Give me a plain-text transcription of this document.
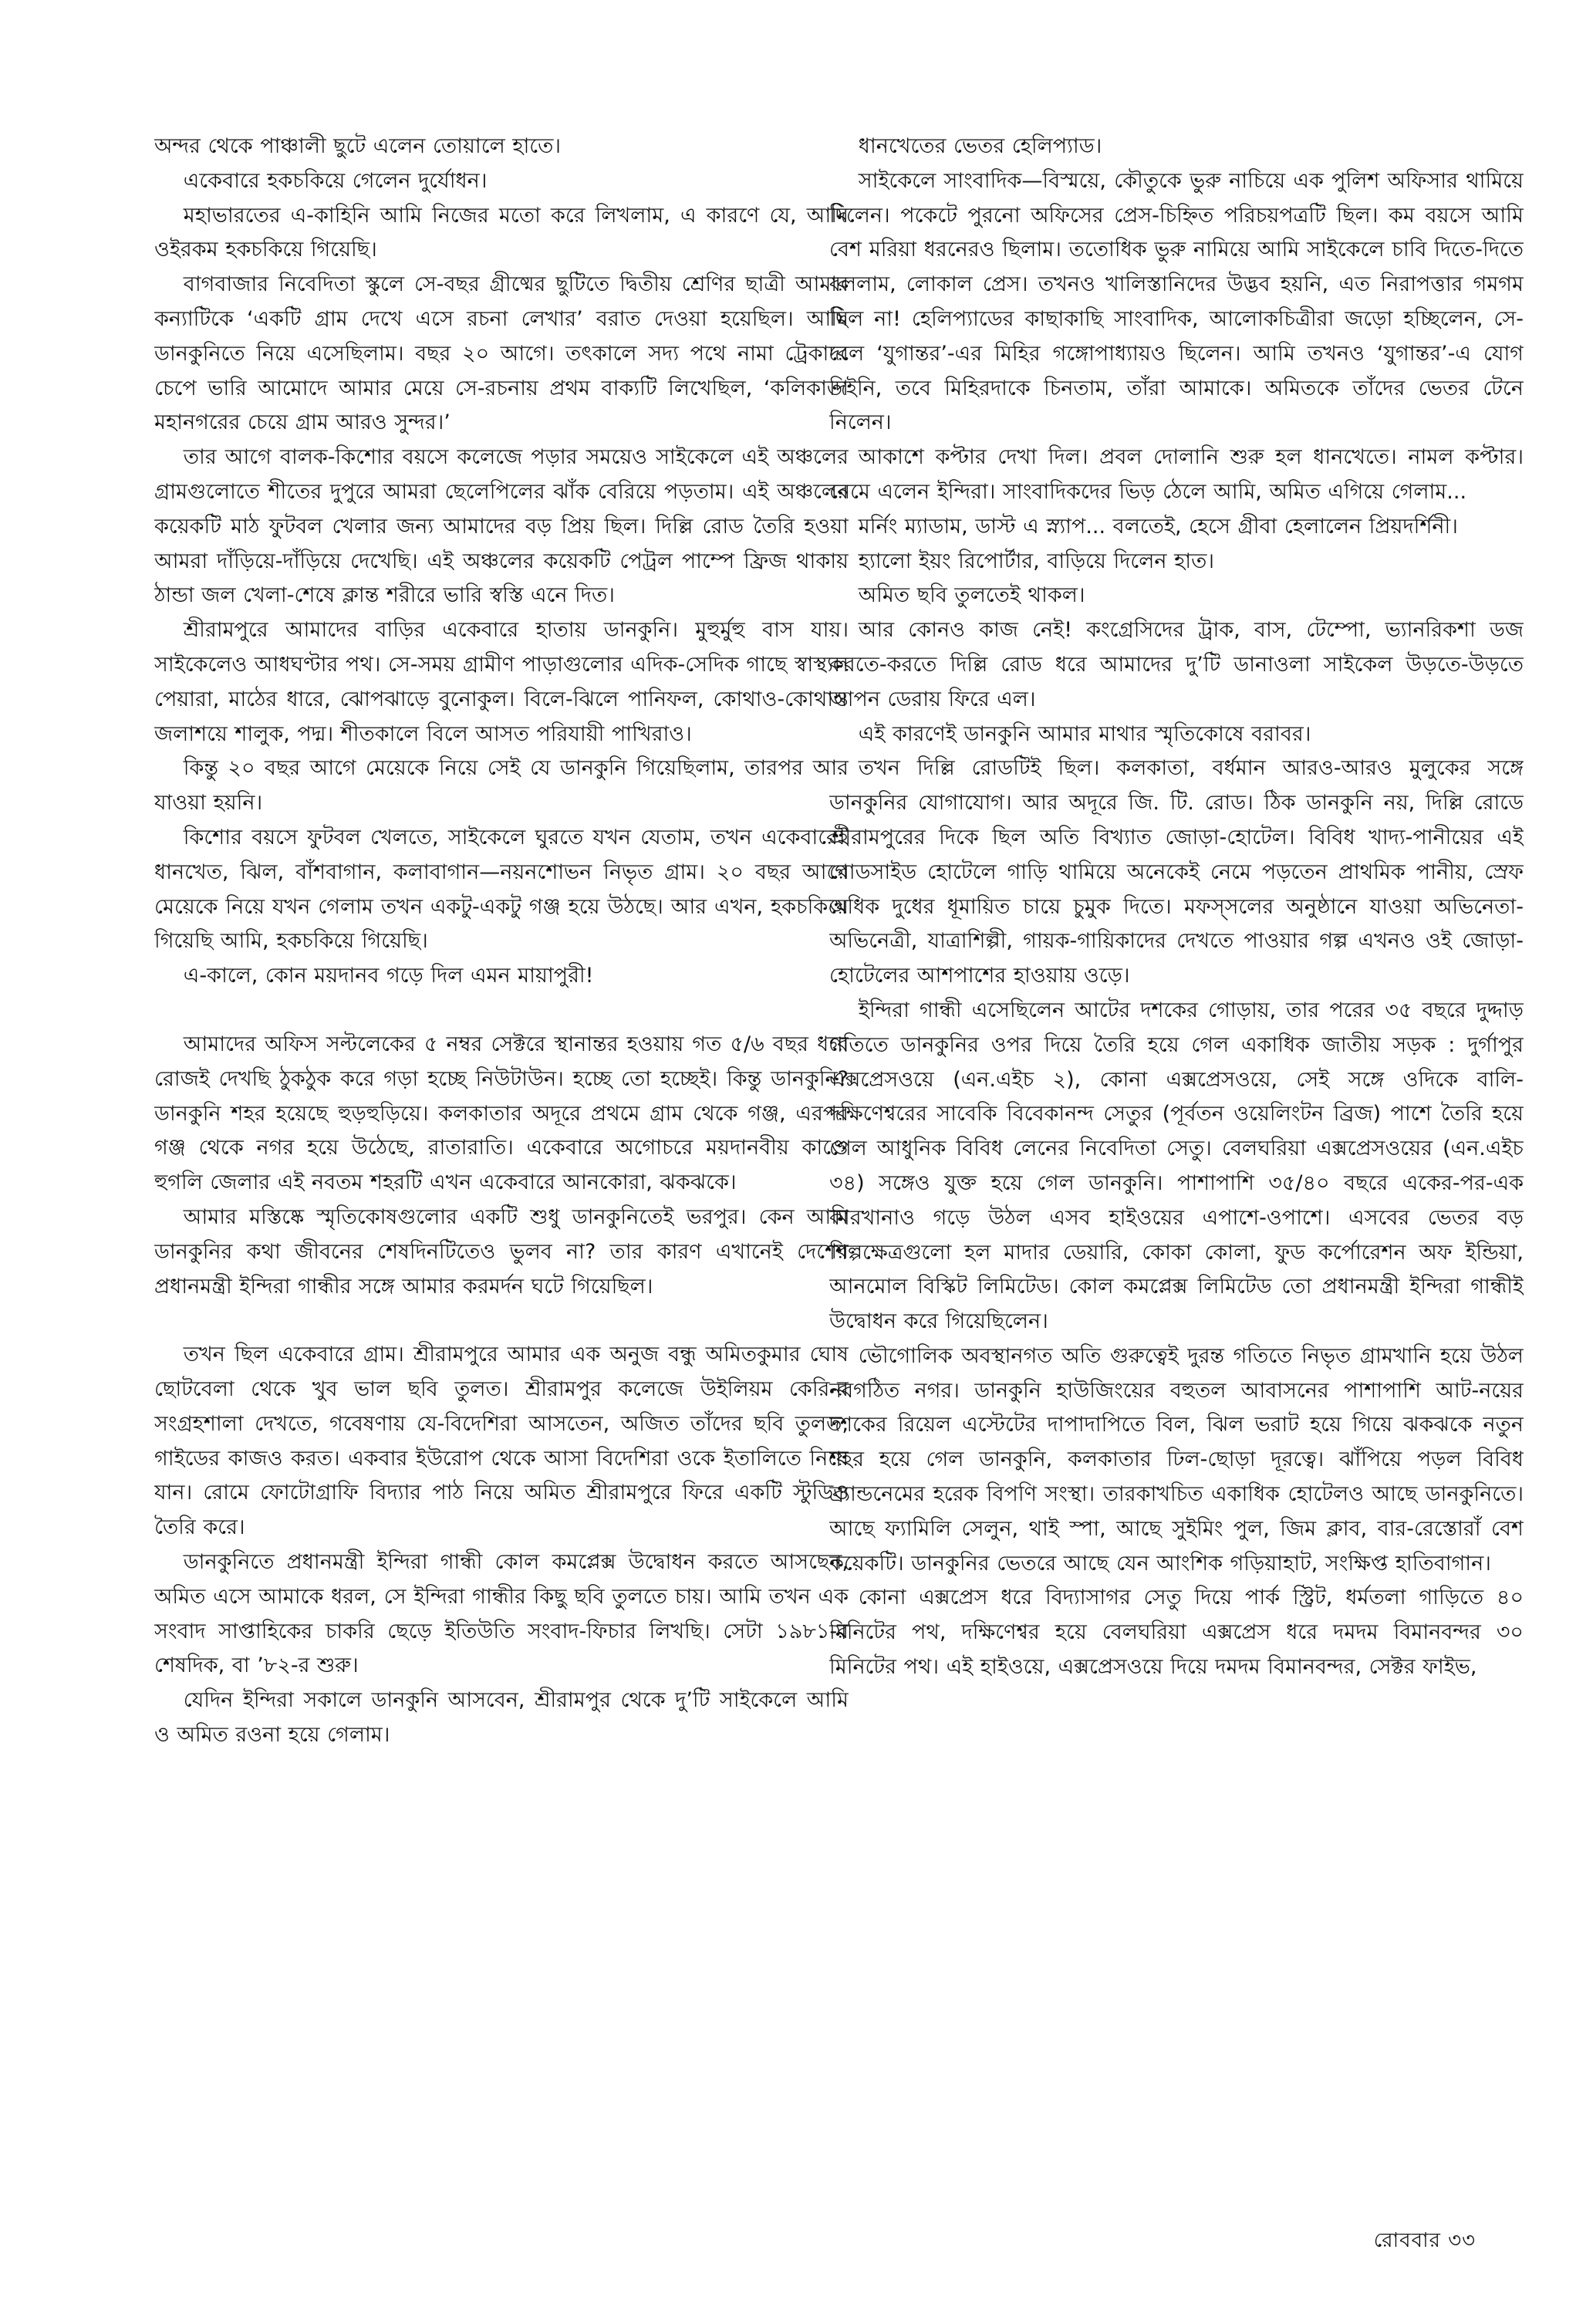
অন্দর থেকে পাঞ্চালী ছুটে এলেন তোয়ালে হাতে।

একেবারে হকচকিয়ে গেলেন দুর্যোধন।

মহাভারতের এ-কাহিনি আমি নিজের মতো করে লিখলাম, এ কারণে যে, আমি ওইরকম হকচকিয়ে গিয়েছি।

বাগবাজার নিবেদিতা স্কুলে সে-বছর গ্রীষ্মের ছুটিতে দ্বিতীয় শ্রেণির ছাত্রী আমার কন্যাটিকে ‘একটি গ্রাম দেখে এসে রচনা লেখার’ বরাত দেওয়া হয়েছিল। আমি ডানকুনিতে নিয়ে এসেছিলাম। বছর ২০ আগে। তৎকালে সদ্য পথে নামা ট্রেকারে চেপে ভারি আমোদে আমার মেয়ে সে-রচনায় প্রথম বাক্যটি লিখেছিল, ‘কলিকাতা মহানগরের চেয়ে গ্রাম আরও সুন্দর।’

তার আগে বালক-কিশোর বয়সে কলেজে পড়ার সময়েও সাইকেলে এই অঞ্চলের গ্রামগুলোতে শীতের দুপুরে আমরা ছেলেপিলের ঝাঁক বেরিয়ে পড়তাম। এই অঞ্চলের কয়েকটি মাঠ ফুটবল খেলার জন্য আমাদের বড় প্রিয় ছিল। দিল্লি রোড তৈরি হওয়া আমরা দাঁড়িয়ে-দাঁড়িয়ে দেখেছি। এই অঞ্চলের কয়েকটি পেট্রল পাম্পে ফ্রিজ থাকায় ঠান্ডা জল খেলা-শেষে ক্লান্ত শরীরে ভারি স্বস্তি এনে দিত।

শ্রীরামপুরে আমাদের বাড়ির একেবারে হাতায় ডানকুনি। মুহুর্মুহু বাস যায়। সাইকেলেও আধঘণ্টার পথ। সে-সময় গ্রামীণ পাড়াগুলোর এদিক-সেদিক গাছে স্বাস্থ্যল পেয়ারা, মাঠের ধারে, ঝোপঝাড়ে বুনোকুল। বিলে-ঝিলে পানিফল, কোথাও-কোথাও জলাশয়ে শালুক, পদ্ম। শীতকালে বিলে আসত পরিযায়ী পাখিরাও।

কিন্তু ২০ বছর আগে মেয়েকে নিয়ে সেই যে ডানকুনি গিয়েছিলাম, তারপর আর যাওয়া হয়নি।

কিশোর বয়সে ফুটবল খেলতে, সাইকেলে ঘুরতে যখন যেতাম, তখন একেবারেই ধানখেত, ঝিল, বাঁশবাগান, কলাবাগান—নয়নশোভন নিভৃত গ্রাম। ২০ বছর আগে মেয়েকে নিয়ে যখন গেলাম তখন একটু-একটু গঞ্জ হয়ে উঠছে। আর এখন, হকচকিয়ে গিয়েছি আমি, হকচকিয়ে গিয়েছি।

এ-কালে, কোন ময়দানব গড়ে দিল এমন মায়াপুরী!

আমাদের অফিস সল্টলেকের ৫ নম্বর সেক্টরে স্থানান্তর হওয়ায় গত ৫/৬ বছর ধরে রোজই দেখছি ঠুকঠুক করে গড়া হচ্ছে নিউটাউন। হচ্ছে তো হচ্ছেই। কিন্তু ডানকুনি? ডানকুনি শহর হয়েছে হুড়হুড়িয়ে। কলকাতার অদূরে প্রথমে গ্রাম থেকে গঞ্জ, এরপর গঞ্জ থেকে নগর হয়ে উঠেছে, রাতারাতি। একেবারে অগোচরে ময়দানবীয় কাণ্ডে হুগলি জেলার এই নবতম শহরটি এখন একেবারে আনকোরা, ঝকঝকে।

আমার মস্তিষ্কে স্মৃতিকোষগুলোর একটি শুধু ডানকুনিতেই ভরপুর। কেন আমি ডানকুনির কথা জীবনের শেষদিনটিতেও ভুলব না? তার কারণ এখানেই দেশের প্রধানমন্ত্রী ইন্দিরা গান্ধীর সঙ্গে আমার করমর্দন ঘটে গিয়েছিল।

তখন ছিল একেবারে গ্রাম। শ্রীরামপুরে আমার এক অনুজ বন্ধু অমিতকুমার ঘোষ ছোটবেলা থেকে খুব ভাল ছবি তুলত। শ্রীরামপুর কলেজে উইলিয়ম কেরি-র সংগ্রহশালা দেখতে, গবেষণায় যে-বিদেশিরা আসতেন, অজিত তাঁদের ছবি তুলত, গাইডের কাজও করত। একবার ইউরোপ থেকে আসা বিদেশিরা ওকে ইতালিতে নিয়ে যান। রোমে ফোটোগ্রাফি বিদ্যার পাঠ নিয়ে অমিত শ্রীরামপুরে ফিরে একটি স্টুডিও তৈরি করে।

ডানকুনিতে প্রধানমন্ত্রী ইন্দিরা গান্ধী কোল কমপ্লেক্স উদ্বোধন করতে আসছেন, অমিত এসে আমাকে ধরল, সে ইন্দিরা গান্ধীর কিছু ছবি তুলতে চায়। আমি তখন এক সংবাদ সাপ্তাহিকের চাকরি ছেড়ে ইতিউতি সংবাদ-ফিচার লিখছি। সেটা ১৯৮১-র শেষদিক, বা ’৮২-র শুরু।

যেদিন ইন্দিরা সকালে ডানকুনি আসবেন, শ্রীরামপুর থেকে দু’টি সাইকেলে আমি ও অমিত রওনা হয়ে গেলাম।

ধানখেতের ভেতর হেলিপ্যাড।

সাইকেলে সাংবাদিক—বিস্ময়ে, কৌতুকে ভুরু নাচিয়ে এক পুলিশ অফিসার থামিয়ে দিলেন। পকেটে পুরনো অফিসের প্রেস-চিহ্নিত পরিচয়পত্রটি ছিল। কম বয়সে আমি বেশ মরিয়া ধরনেরও ছিলাম। ততোধিক ভুরু নামিয়ে আমি সাইকেলে চাবি দিতে-দিতে বললাম, লোকাল প্রেস। তখনও খালিস্তানিদের উদ্ভব হয়নি, এত নিরাপত্তার গমগম ছিল না! হেলিপ্যাডের কাছাকাছি সাংবাদিক, আলোকচিত্রীরা জড়ো হচ্ছিলেন, সে-দলে ‘যুগান্তর’-এর মিহির গঙ্গোপাধ্যায়ও ছিলেন। আমি তখনও ‘যুগান্তর’-এ যোগ দিইনি, তবে মিহিরদাকে চিনতাম, তাঁরা আমাকে। অমিতকে তাঁদের ভেতর টেনে নিলেন।

আকাশে কপ্টার দেখা দিল। প্রবল দোলানি শুরু হল ধানখেতে। নামল কপ্টার। নেমে এলেন ইন্দিরা। সাংবাদিকদের ভিড় ঠেলে আমি, অমিত এগিয়ে গেলাম...

মর্নিং ম্যাডাম, ডাস্ট এ স্ন্যাপ... বলতেই, হেসে গ্রীবা হেলালেন প্রিয়দর্শিনী।

হ্যালো ইয়ং রিপোর্টার, বাড়িয়ে দিলেন হাত।

অমিত ছবি তুলতেই থাকল।

আর কোনও কাজ নেই! কংগ্রেসিদের ট্রাক, বাস, টেম্পো, ভ্যানরিকশা ডজ করতে-করতে দিল্লি রোড ধরে আমাদের দু’টি ডানাওলা সাইকেল উড়তে-উড়তে আপন ডেরায় ফিরে এল।

এই কারণেই ডানকুনি আমার মাথার স্মৃতিকোষে বরাবর।

তখন দিল্লি রোডটিই ছিল। কলকাতা, বর্ধমান আরও-আরও মুলুকের সঙ্গে ডানকুনির যোগাযোগ। আর অদূরে জি. টি. রোড। ঠিক ডানকুনি নয়, দিল্লি রোডে শ্রীরামপুরের দিকে ছিল অতি বিখ্যাত জোড়া-হোটেল। বিবিধ খাদ্য-পানীয়ের এই রোডসাইড হোটেলে গাড়ি থামিয়ে অনেকেই নেমে পড়তেন প্রাথমিক পানীয়, স্রেফ অধিক দুধের ধূমায়িত চায়ে চুমুক দিতে। মফস্সলের অনুষ্ঠানে যাওয়া অভিনেতা-অভিনেত্রী, যাত্রাশিল্পী, গায়ক-গায়িকাদের দেখতে পাওয়ার গল্প এখনও ওই জোড়া-হোটেলের আশপাশের হাওয়ায় ওড়ে।

ইন্দিরা গান্ধী এসেছিলেন আটের দশকের গোড়ায়, তার পরের ৩৫ বছরে দুদ্দাড় গতিতে ডানকুনির ওপর দিয়ে তৈরি হয়ে গেল একাধিক জাতীয় সড়ক : দুর্গাপুর এক্সপ্রেসওয়ে (এন.এইচ ২), কোনা এক্সপ্রেসওয়ে, সেই সঙ্গে ওদিকে বালি-দক্ষিণেশ্বরের সাবেকি বিবেকানন্দ সেতুর (পূর্বতন ওয়েলিংটন ব্রিজ) পাশে তৈরি হয়ে গেল আধুনিক বিবিধ লেনের নিবেদিতা সেতু। বেলঘরিয়া এক্সপ্রেসওয়ের (এন.এইচ ৩৪) সঙ্গেও যুক্ত হয়ে গেল ডানকুনি। পাশাপাশি ৩৫/৪০ বছরে একের-পর-এক কারখানাও গড়ে উঠল এসব হাইওয়ের এপাশে-ওপাশে। এসবের ভেতর বড় শিল্পক্ষেত্রগুলো হল মাদার ডেয়ারি, কোকা কোলা, ফুড কর্পোরেশন অফ ইন্ডিয়া, আনমোল বিস্কিট লিমিটেড। কোল কমপ্লেক্স লিমিটেড তো প্রধানমন্ত্রী ইন্দিরা গান্ধীই উদ্বোধন করে গিয়েছিলেন।

ভৌগোলিক অবস্থানগত অতি গুরুত্বেই দুরন্ত গতিতে নিভৃত গ্রামখানি হয়ে উঠল নবগঠিত নগর। ডানকুনি হাউজিংয়ের বহুতল আবাসনের পাশাপাশি আট-নয়ের দশকের রিয়েল এস্টেটের দাপাদাপিতে বিল, ঝিল ভরাট হয়ে গিয়ে ঝকঝকে নতুন শহর হয়ে গেল ডানকুনি, কলকাতার ঢিল-ছোড়া দূরত্বে। ঝাঁপিয়ে পড়ল বিবিধ ব্র্যান্ডনেমের হরেক বিপণি সংস্থা। তারকাখচিত একাধিক হোটেলও আছে ডানকুনিতে। আছে ফ্যামিলি সেলুন, থাই স্পা, আছে সুইমিং পুল, জিম ক্লাব, বার-রেস্তোরাঁ বেশ কয়েকটি। ডানকুনির ভেতরে আছে যেন আংশিক গড়িয়াহাট, সংক্ষিপ্ত হাতিবাগান।

কোনা এক্সপ্রেস ধরে বিদ্যাসাগর সেতু দিয়ে পার্ক স্ট্রিট, ধর্মতলা গাড়িতে ৪০ মিনিটের পথ, দক্ষিণেশ্বর হয়ে বেলঘরিয়া এক্সপ্রেস ধরে দমদম বিমানবন্দর ৩০ মিনিটের পথ। এই হাইওয়ে, এক্সপ্রেসওয়ে দিয়ে দমদম বিমানবন্দর, সেক্টর ফাইভ,

রোববার ৩৩
